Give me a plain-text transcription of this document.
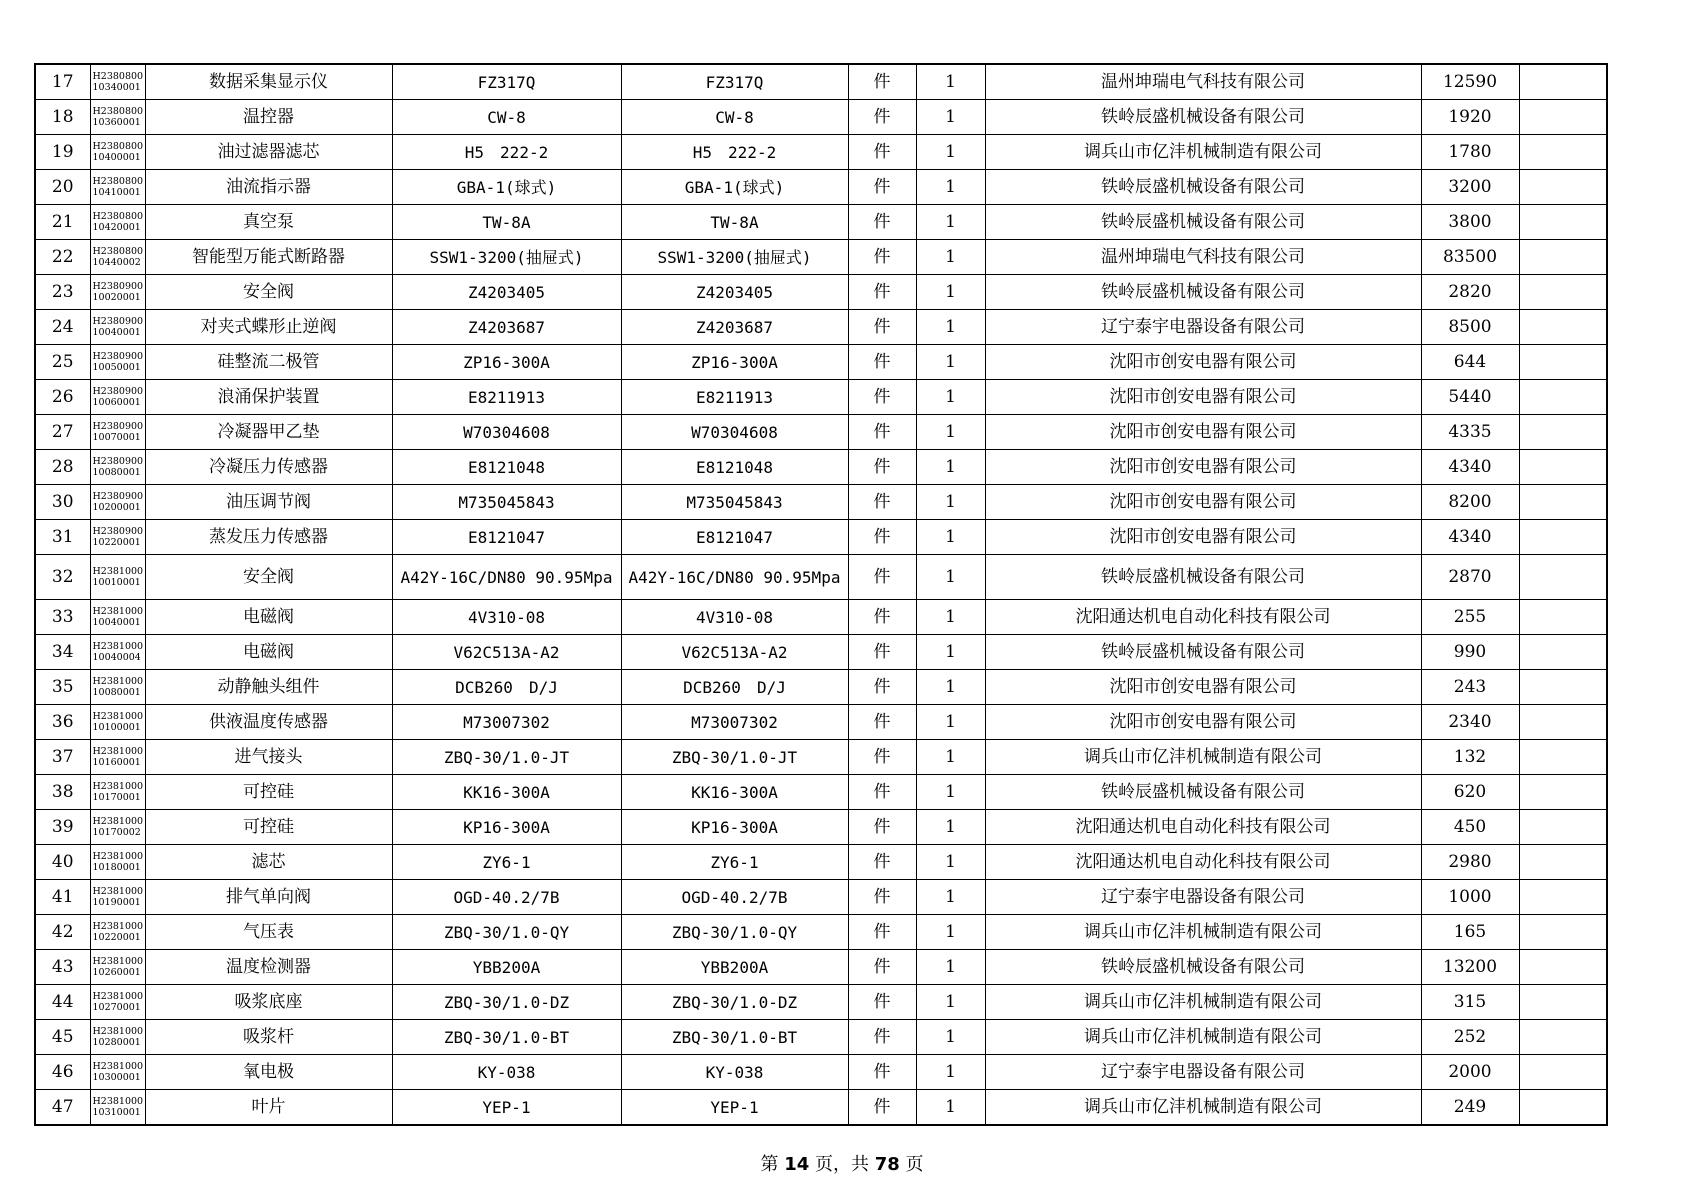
17	H2380800 10340001	数据采集显示仪	FZ317Q	FZ317Q	件	1	温州坤瑞电气科技有限公司	12590	
18	H2380800 10360001	温控器	CW-8	CW-8	件	1	铁岭辰盛机械设备有限公司	1920	
19	H2380800 10400001	油过滤器滤芯	H5　222-2	H5　222-2	件	1	调兵山市亿沣机械制造有限公司	1780	
20	H2380800 10410001	油流指示器	GBA-1(球式)	GBA-1(球式)	件	1	铁岭辰盛机械设备有限公司	3200	
21	H2380800 10420001	真空泵	TW-8A	TW-8A	件	1	铁岭辰盛机械设备有限公司	3800	
22	H2380800 10440002	智能型万能式断路器	SSW1-3200(抽屉式)	SSW1-3200(抽屉式)	件	1	温州坤瑞电气科技有限公司	83500	
23	H2380900 10020001	安全阀	Z4203405	Z4203405	件	1	铁岭辰盛机械设备有限公司	2820	
24	H2380900 10040001	对夹式蝶形止逆阀	Z4203687	Z4203687	件	1	辽宁泰宇电器设备有限公司	8500	
25	H2380900 10050001	硅整流二极管	ZP16-300A	ZP16-300A	件	1	沈阳市创安电器有限公司	644	
26	H2380900 10060001	浪涌保护装置	E8211913	E8211913	件	1	沈阳市创安电器有限公司	5440	
27	H2380900 10070001	冷凝器甲乙垫	W70304608	W70304608	件	1	沈阳市创安电器有限公司	4335	
28	H2380900 10080001	冷凝压力传感器	E8121048	E8121048	件	1	沈阳市创安电器有限公司	4340	
30	H2380900 10200001	油压调节阀	M735045843	M735045843	件	1	沈阳市创安电器有限公司	8200	
31	H2380900 10220001	蒸发压力传感器	E8121047	E8121047	件	1	沈阳市创安电器有限公司	4340	
32	H2381000 10010001	安全阀	A42Y-16C/DN80 90.95Mpa	A42Y-16C/DN80 90.95Mpa	件	1	铁岭辰盛机械设备有限公司	2870	
33	H2381000 10040001	电磁阀	4V310-08	4V310-08	件	1	沈阳通达机电自动化科技有限公司	255	
34	H2381000 10040004	电磁阀	V62C513A-A2	V62C513A-A2	件	1	铁岭辰盛机械设备有限公司	990	
35	H2381000 10080001	动静触头组件	DCB260　D/J	DCB260　D/J	件	1	沈阳市创安电器有限公司	243	
36	H2381000 10100001	供液温度传感器	M73007302	M73007302	件	1	沈阳市创安电器有限公司	2340	
37	H2381000 10160001	进气接头	ZBQ-30/1.0-JT	ZBQ-30/1.0-JT	件	1	调兵山市亿沣机械制造有限公司	132	
38	H2381000 10170001	可控硅	KK16-300A	KK16-300A	件	1	铁岭辰盛机械设备有限公司	620	
39	H2381000 10170002	可控硅	KP16-300A	KP16-300A	件	1	沈阳通达机电自动化科技有限公司	450	
40	H2381000 10180001	滤芯	ZY6-1	ZY6-1	件	1	沈阳通达机电自动化科技有限公司	2980	
41	H2381000 10190001	排气单向阀	OGD-40.2/7B	OGD-40.2/7B	件	1	辽宁泰宇电器设备有限公司	1000	
42	H2381000 10220001	气压表	ZBQ-30/1.0-QY	ZBQ-30/1.0-QY	件	1	调兵山市亿沣机械制造有限公司	165	
43	H2381000 10260001	温度检测器	YBB200A	YBB200A	件	1	铁岭辰盛机械设备有限公司	13200	
44	H2381000 10270001	吸浆底座	ZBQ-30/1.0-DZ	ZBQ-30/1.0-DZ	件	1	调兵山市亿沣机械制造有限公司	315	
45	H2381000 10280001	吸浆杆	ZBQ-30/1.0-BT	ZBQ-30/1.0-BT	件	1	调兵山市亿沣机械制造有限公司	252	
46	H2381000 10300001	氧电极	KY-038	KY-038	件	1	辽宁泰宇电器设备有限公司	2000	
47	H2381000 10310001	叶片	YEP-1	YEP-1	件	1	调兵山市亿沣机械制造有限公司	249	
第 14 页，共 78 页
